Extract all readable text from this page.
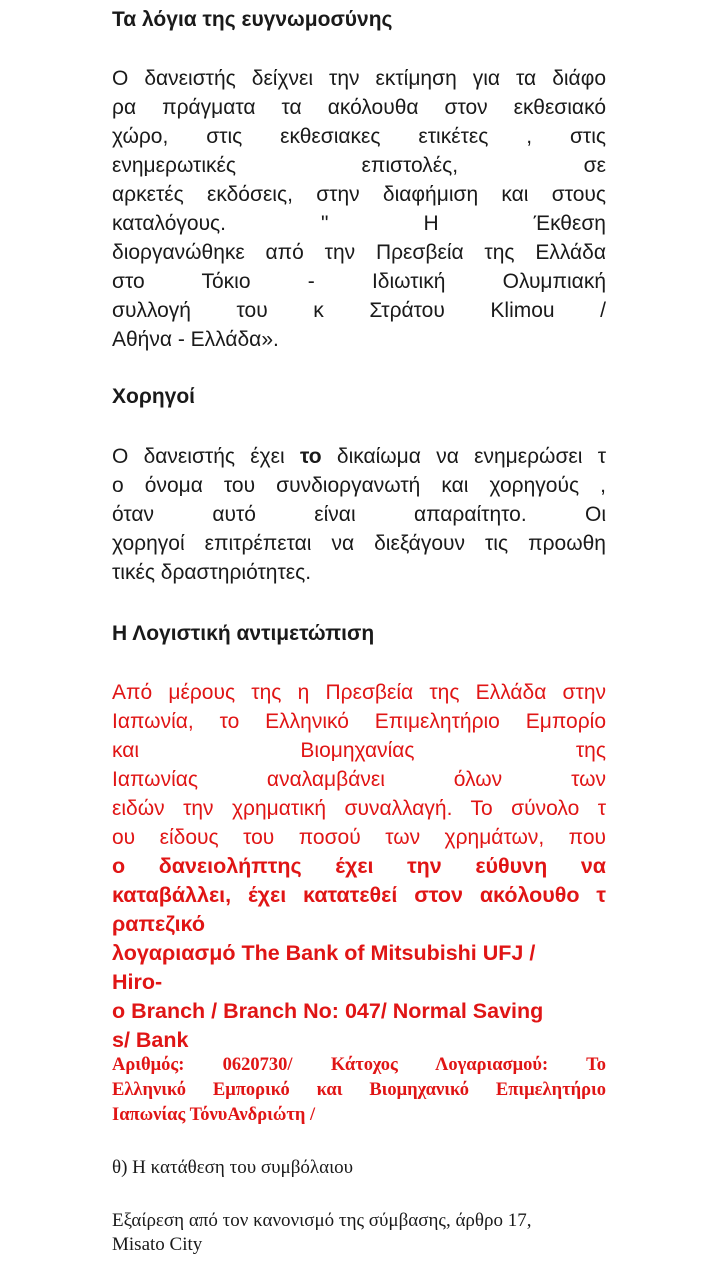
Τα λόγια της ευγνωμοσύνης
Ο δανειστής δείχνει την εκτίμηση για τα διάφο
ρα πράγματα τα ακόλουθα στον εκθεσιακό
χώρο, στις εκθεσιακες ετικέτες , στις
ενημερωτικές επιστολές, σε
αρκετές εκδόσεις, στην διαφήμιση και στους
καταλόγους. " Η Έκθεση
διοργανώθηκε από την Πρεσβεία της Ελλάδα
στο Τόκιο - Ιδιωτική Ολυμπιακή
συλλογή του κ Στράτου Klimou /
Αθήνα - Ελλάδα».
Χορηγοί
Ο δανειστής έχει το δικαίωμα να ενημερώσει τ
ο όνομα του συνδιοργανωτή και χορηγούς ,
όταν αυτό είναι απαραίτητο. Οι
χορηγοί επιτρέπεται να διεξάγουν τις προωθη
τικές δραστηριότητες.
Η Λογιστική αντιμετώπιση
Από μέρους της η Πρεσβεία της Ελλάδα στην
Ιαπωνία, το Ελληνικό Επιμελητήριο Εμπορίο
και Βιομηχανίας της
Ιαπωνίας αναλαμβάνει όλων των
ειδών την χρηματική συναλλαγή. Το σύνολο τ
ου είδους του ποσού των χρημάτων, που
ο δανειολήπτης έχει την εύθυνη να
καταβάλλει, έχει κατατεθεί στον ακόλουθο τ
ραπεζικό
λογαριασμό The Bank of Mitsubishi UFJ /
Hiro-
o Branch / Branch No: 047/ Normal Saving
s/ Bank
Αριθμός: 0620730/ Κάτοχος Λογαριασμού: Το
Ελληνικό Εμπορικό και Βιομηχανικό Επιμελητήριο
Ιαπωνίας ΤόνυΑνδριώτη /
θ) Η κατάθεση του συμβόλαιου
Εξαίρεση από τον κανονισμό της σύμβασης, άρθρο 17,
Misato City
